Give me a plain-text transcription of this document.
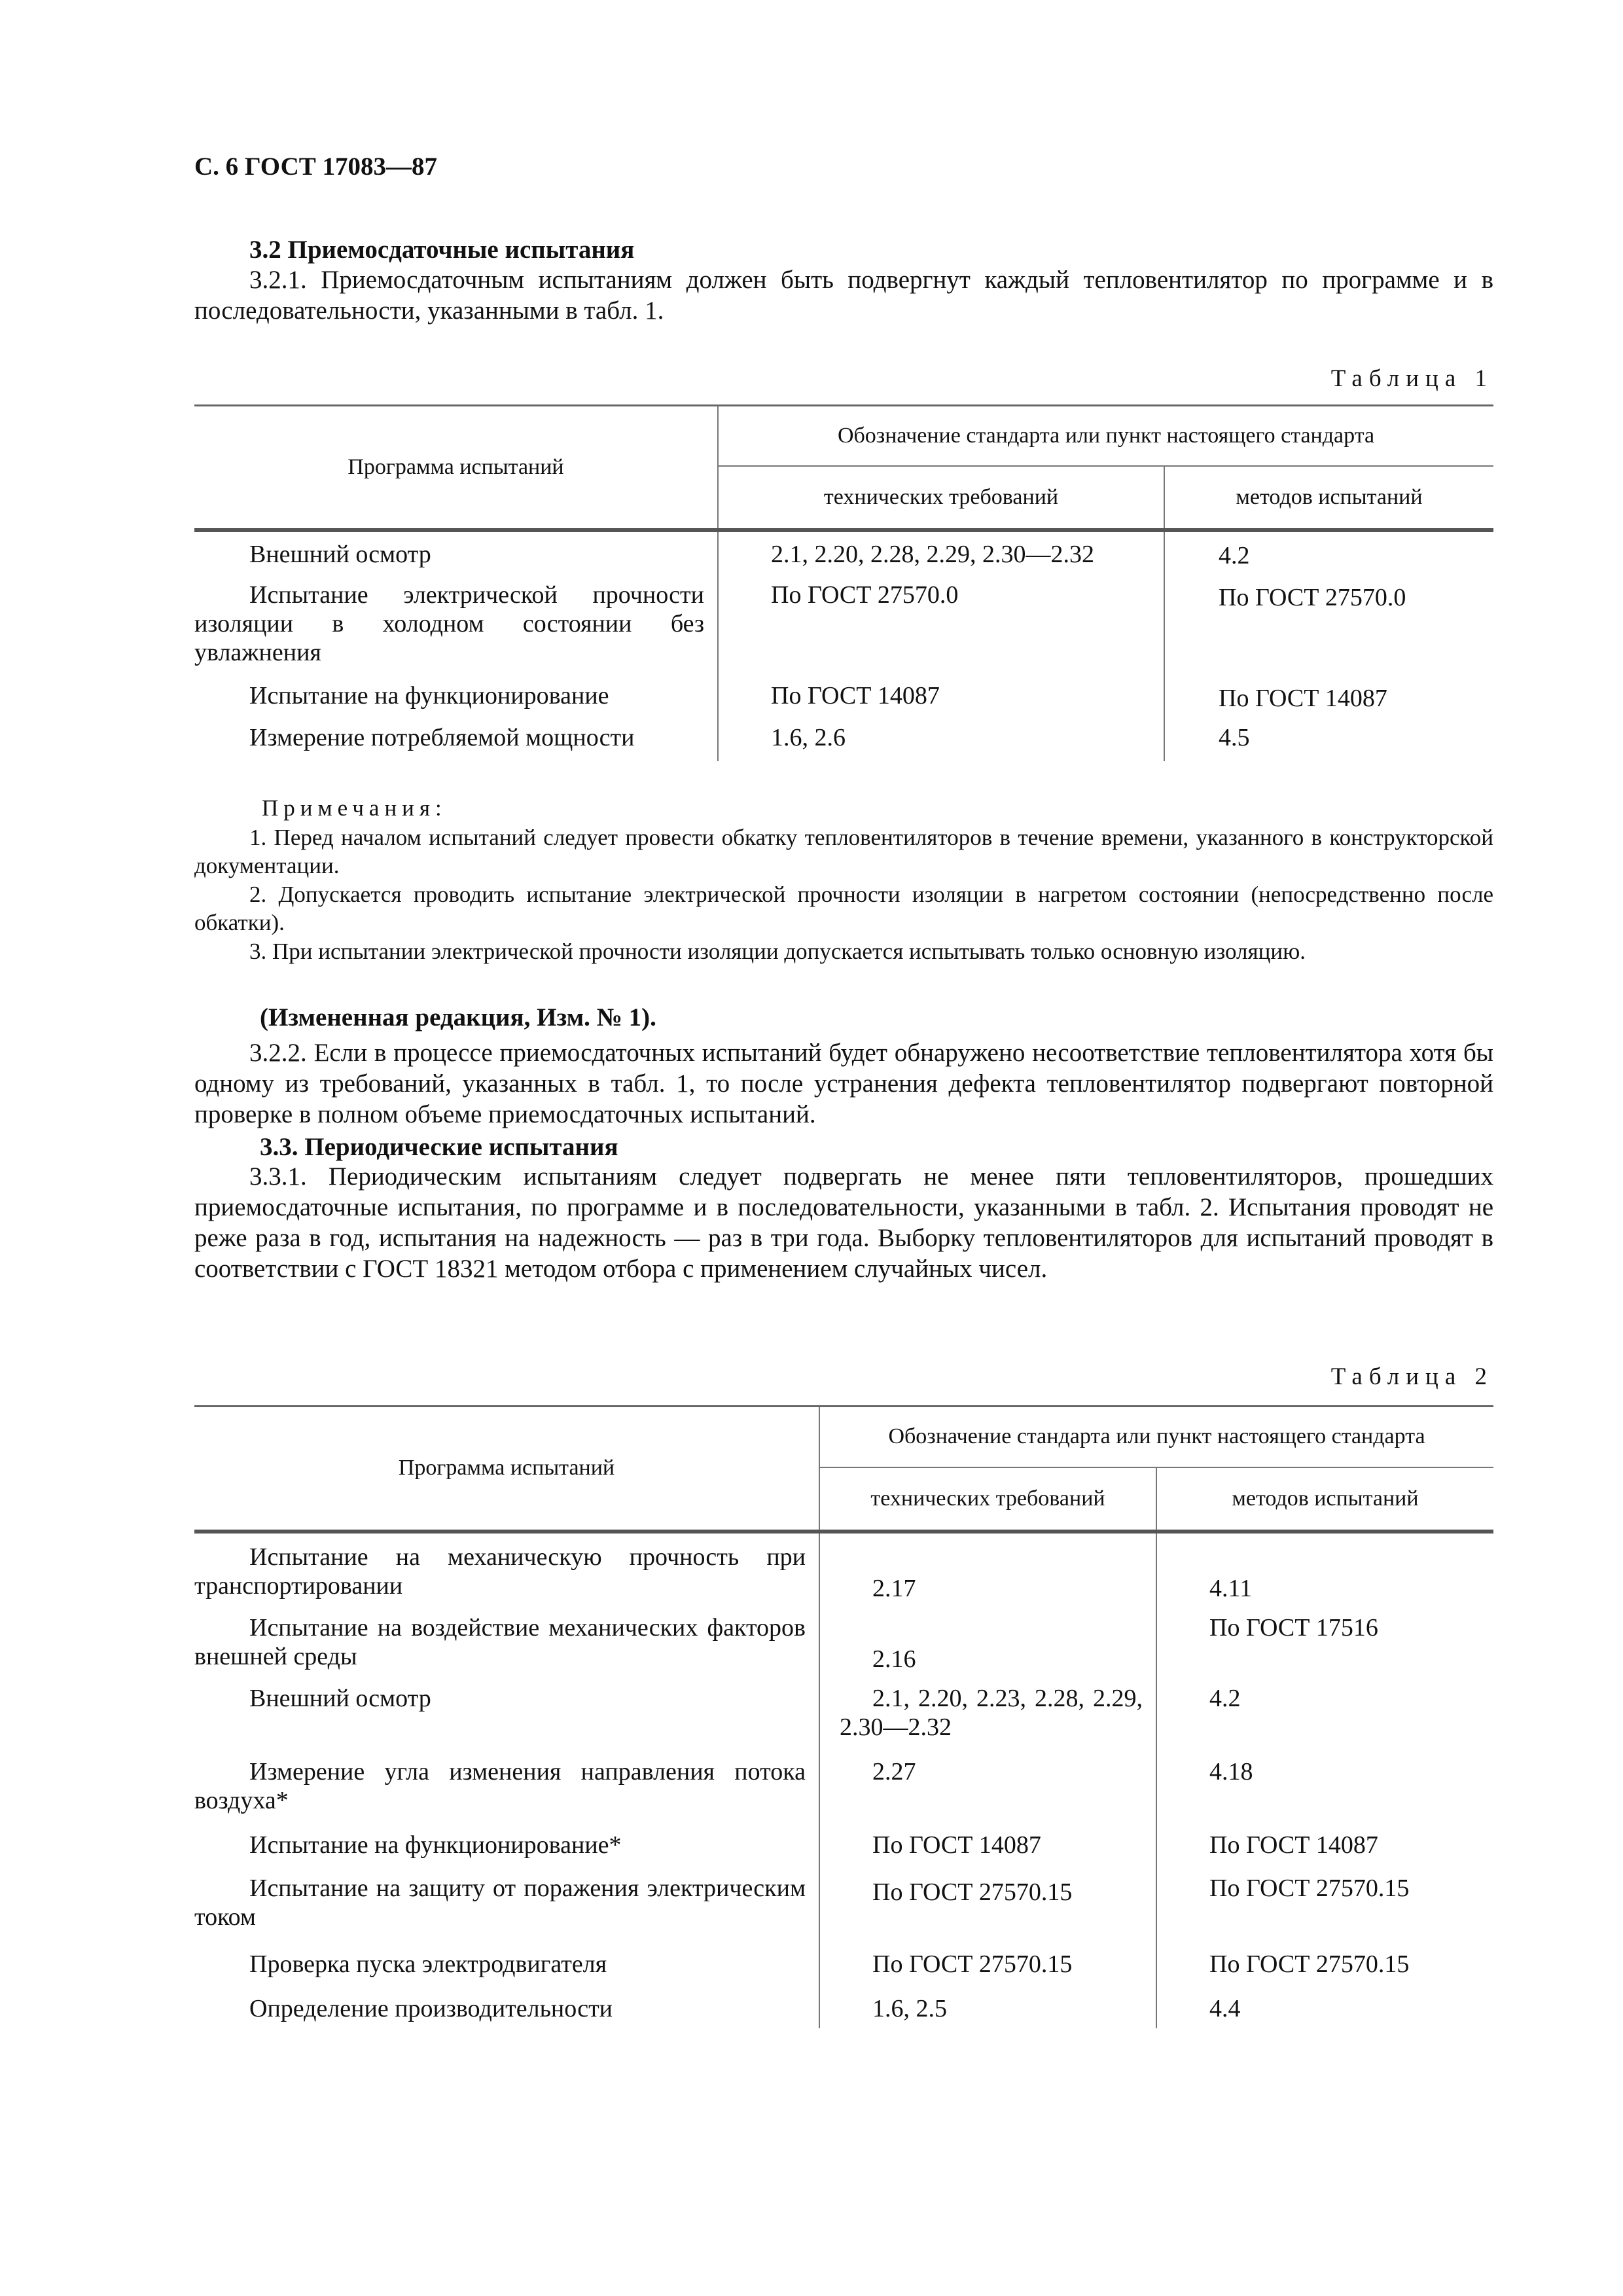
С. 6 ГОСТ 17083—87
3.2 Приемосдаточные испытания
3.2.1. Приемосдаточным испытаниям должен быть подвергнут каждый тепловентилятор по программе и в последовательности, указанными в табл. 1.
Таблица 1
Программа испытаний	Обозначение стандарта или пункт настоящего стандарта	
	технических требований	методов испытаний
Внешний осмотр	2.1, 2.20, 2.28, 2.29, 2.30—2.32	4.2
Испытание электрической прочности изоляции в холодном состоянии без увлажнения	По ГОСТ 27570.0	По ГОСТ 27570.0
Испытание на функционирование	По ГОСТ 14087	По ГОСТ 14087
Измерение потребляемой мощности	1.6, 2.6	4.5
Примечания:
1. Перед началом испытаний следует провести обкатку тепловентиляторов в течение времени, указанного в конструкторской документации.
2. Допускается проводить испытание электрической прочности изоляции в нагретом состоянии (непосредственно после обкатки).
3. При испытании электрической прочности изоляции допускается испытывать только основную изоляцию.
(Измененная редакция, Изм. № 1).
3.2.2. Если в процессе приемосдаточных испытаний будет обнаружено несоответствие тепловентилятора хотя бы одному из требований, указанных в табл. 1, то после устранения дефекта тепловентилятор подвергают повторной проверке в полном объеме приемосдаточных испытаний.
3.3. Периодические испытания
3.3.1. Периодическим испытаниям следует подвергать не менее пяти тепловентиляторов, прошедших приемосдаточные испытания, по программе и в последовательности, указанными в табл. 2. Испытания проводят не реже раза в год, испытания на надежность — раз в три года. Выборку тепловентиляторов для испытаний проводят в соответствии с ГОСТ 18321 методом отбора с применением случайных чисел.
Таблица 2
Программа испытаний	Обозначение стандарта или пункт настоящего стандарта	
	технических требований	методов испытаний
Испытание на механическую прочность при транспортировании	2.17	4.11
Испытание на воздействие механических факторов внешней среды	2.16	По ГОСТ 17516
Внешний осмотр	2.1, 2.20, 2.23, 2.28, 2.29, 2.30—2.32	4.2
Измерение угла изменения направления потока воздуха*	2.27	4.18
Испытание на функционирование*	По ГОСТ 14087	По ГОСТ 14087
Испытание на защиту от поражения электрическим током	По ГОСТ 27570.15	По ГОСТ 27570.15
Проверка пуска электродвигателя	По ГОСТ 27570.15	По ГОСТ 27570.15
Определение производительности	1.6, 2.5	4.4
